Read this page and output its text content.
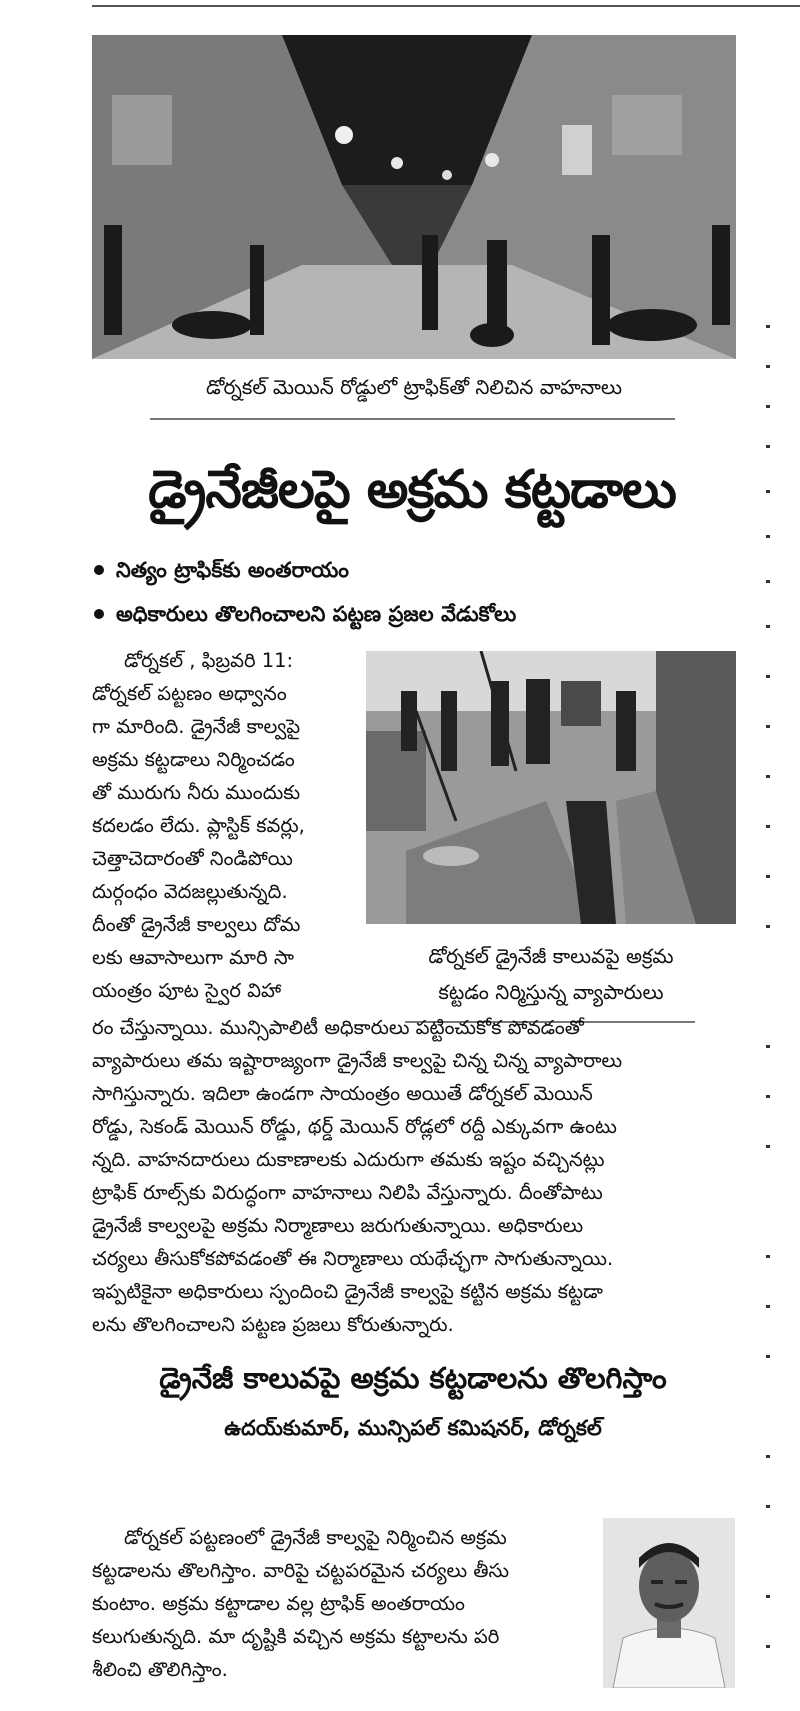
డోర్నకల్ మెయిన్ రోడ్డులో ట్రాఫిక్‌తో నిలిచిన వాహనాలు
డ్రైనేజీలపై అక్రమ కట్టడాలు
నిత్యం ట్రాఫిక్‌కు అంతరాయం
అధికారులు తొలగించాలని పట్టణ ప్రజల వేడుకోలు
డోర్నకల్ డ్రైనేజీ కాలువపై అక్రమ
కట్టడం నిర్మిస్తున్న వ్యాపారులు
డోర్నకల్ , ఫిబ్రవరి 11:
డోర్నకల్ పట్టణం అధ్వానం
గా మారింది. డ్రైనేజీ కాల్వపై
అక్రమ కట్టడాలు నిర్మించడం
తో మురుగు నీరు ముందుకు
కదలడం లేదు. ప్లాస్టిక్ కవర్లు,
చెత్తాచెదారంతో నిండిపోయి
దుర్గంధం వెదజల్లుతున్నది.
దీంతో డ్రైనేజీ కాల్వలు దోమ
లకు ఆవాసాలుగా మారి సా
యంత్రం పూట స్వైర విహా
రం చేస్తున్నాయి. మున్సిపాలిటీ అధికారులు పట్టించుకోక పోవడంతో
వ్యాపారులు తమ ఇష్టారాజ్యంగా డ్రైనేజీ కాల్వపై చిన్న చిన్న వ్యాపారాలు
సాగిస్తున్నారు. ఇదిలా ఉండగా సాయంత్రం అయితే డోర్నకల్ మెయిన్
రోడ్డు, సెకండ్ మెయిన్ రోడ్డు, థర్డ్ మెయిన్ రోడ్లలో రద్దీ ఎక్కువగా ఉంటు
న్నది. వాహనదారులు దుకాణాలకు ఎదురుగా తమకు ఇష్టం వచ్చినట్లు
ట్రాఫిక్ రూల్స్‌కు విరుద్ధంగా వాహనాలు నిలిపి వేస్తున్నారు. దీంతోపాటు
డ్రైనేజీ కాల్వలపై అక్రమ నిర్మాణాలు జరుగుతున్నాయి. అధికారులు
చర్యలు తీసుకోకపోవడంతో ఈ నిర్మాణాలు యథేచ్ఛగా సాగుతున్నాయి.
ఇప్పటికైనా అధికారులు స్పందించి డ్రైనేజీ కాల్వపై కట్టిన అక్రమ కట్టడా
లను తొలగించాలని పట్టణ ప్రజలు కోరుతున్నారు.
డ్రైనేజీ కాలువపై అక్రమ కట్టడాలను తొలగిస్తాం
ఉదయ్‌కుమార్, మున్సిపల్ కమిషనర్, డోర్నకల్
డోర్నకల్ పట్టణంలో డ్రైనేజీ కాల్వపై నిర్మించిన అక్రమ
కట్టడాలను తొలగిస్తాం. వారిపై చట్టపరమైన చర్యలు తీసు
కుంటాం. అక్రమ కట్టాడాల వల్ల ట్రాఫిక్ అంతరాయం
కలుగుతున్నది. మా దృష్టికి వచ్చిన అక్రమ కట్టాలను పరి
శీలించి తొలిగిస్తాం.
